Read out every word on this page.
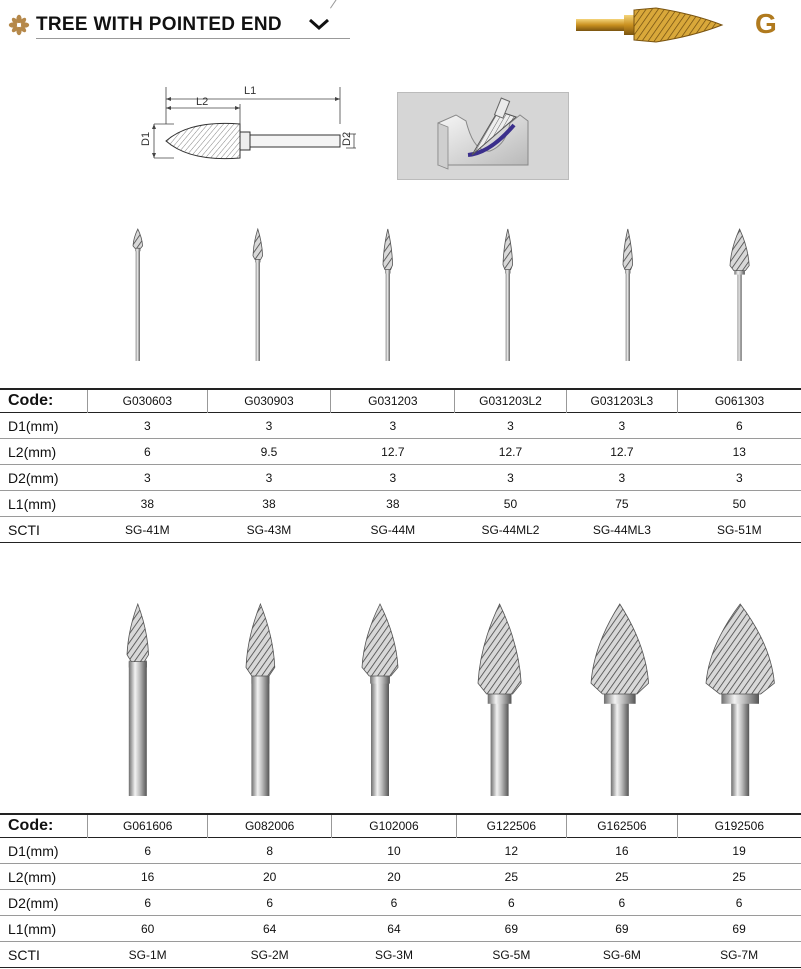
TREE WITH POINTED END	G
L1
L2
D1	D2
Code:	G030603	G030903	G031203	G031203L2	G031203L3	G061303
D1(mm)	3	3	3	3	3	6
L2(mm)	6	9.5	12.7	12.7	12.7	13
D2(mm)	3	3	3	3	3	3
L1(mm)	38	38	38	50	75	50
SCTI	SG-41M	SG-43M	SG-44M	SG-44ML2	SG-44ML3	SG-51M
Code:	G061606	G082006	G102006	G122506	G162506	G192506
D1(mm)	6	8	10	12	16	19
L2(mm)	16	20	20	25	25	25
D2(mm)	6	6	6	6	6	6
L1(mm)	60	64	64	69	69	69
SCTI	SG-1M	SG-2M	SG-3M	SG-5M	SG-6M	SG-7M
